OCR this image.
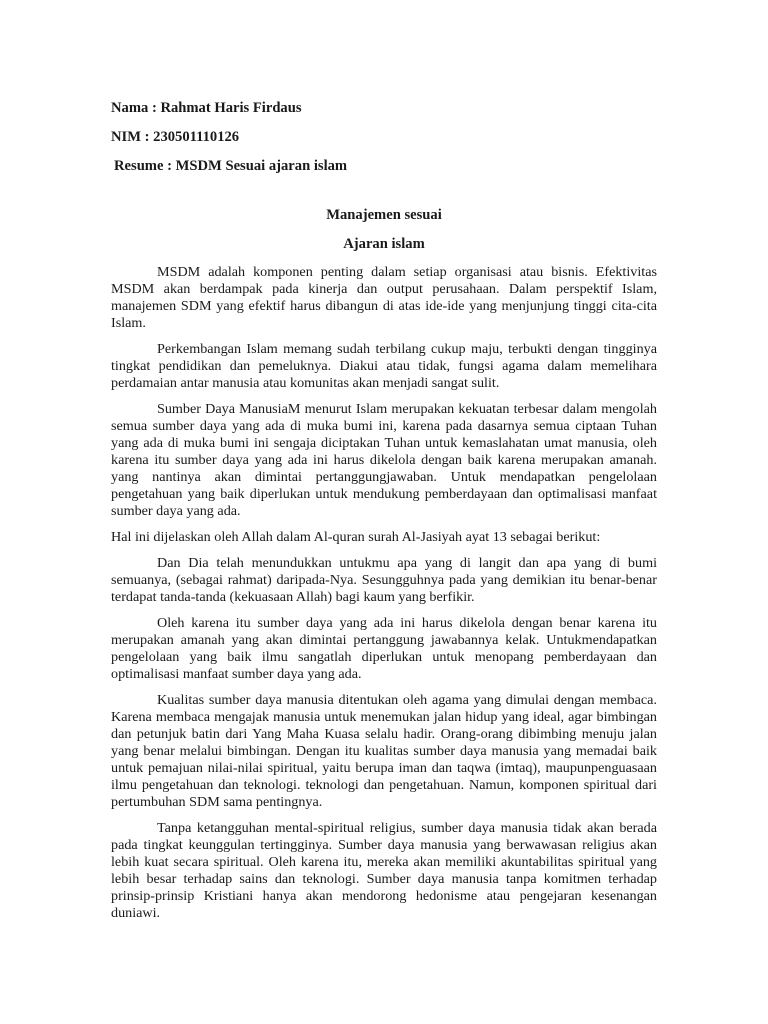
Nama : Rahmat Haris Firdaus

NIM : 230501110126

Resume : MSDM Sesuai ajaran islam

Manajemen sesuai

Ajaran islam

MSDM adalah komponen penting dalam setiap organisasi atau bisnis. Efektivitas MSDM akan berdampak pada kinerja dan output perusahaan. Dalam perspektif Islam, manajemen SDM yang efektif harus dibangun di atas ide-ide yang menjunjung tinggi cita-cita Islam.

Perkembangan Islam memang sudah terbilang cukup maju, terbukti dengan tingginya tingkat pendidikan dan pemeluknya. Diakui atau tidak, fungsi agama dalam memelihara perdamaian antar manusia atau komunitas akan menjadi sangat sulit.

Sumber Daya ManusiaM menurut Islam merupakan kekuatan terbesar dalam mengolah semua sumber daya yang ada di muka bumi ini, karena pada dasarnya semua ciptaan Tuhan yang ada di muka bumi ini sengaja diciptakan Tuhan untuk kemaslahatan umat manusia, oleh karena itu sumber daya yang ada ini harus dikelola dengan baik karena merupakan amanah. yang nantinya akan dimintai pertanggungjawaban. Untuk mendapatkan pengelolaan pengetahuan yang baik diperlukan untuk mendukung pemberdayaan dan optimalisasi manfaat sumber daya yang ada.

Hal ini dijelaskan oleh Allah dalam Al-quran surah Al-Jasiyah ayat 13 sebagai berikut:

Dan Dia telah menundukkan untukmu apa yang di langit dan apa yang di bumi semuanya, (sebagai rahmat) daripada-Nya. Sesungguhnya pada yang demikian itu benar-benar terdapat tanda-tanda (kekuasaan Allah) bagi kaum yang berfikir.

Oleh karena itu sumber daya yang ada ini harus dikelola dengan benar karena itu merupakan amanah yang akan dimintai pertanggung jawabannya kelak. Untukmendapatkan pengelolaan yang baik ilmu sangatlah diperlukan untuk menopang pemberdayaan dan optimalisasi manfaat sumber daya yang ada.

Kualitas sumber daya manusia ditentukan oleh agama yang dimulai dengan membaca. Karena membaca mengajak manusia untuk menemukan jalan hidup yang ideal, agar bimbingan dan petunjuk batin dari Yang Maha Kuasa selalu hadir. Orang-orang dibimbing menuju jalan yang benar melalui bimbingan. Dengan itu kualitas sumber daya manusia yang memadai baik untuk pemajuan nilai-nilai spiritual, yaitu berupa iman dan taqwa (imtaq), maupunpenguasaan ilmu pengetahuan dan teknologi. teknologi dan pengetahuan. Namun, komponen spiritual dari pertumbuhan SDM sama pentingnya.

Tanpa ketangguhan mental-spiritual religius, sumber daya manusia tidak akan berada pada tingkat keunggulan tertingginya. Sumber daya manusia yang berwawasan religius akan lebih kuat secara spiritual. Oleh karena itu, mereka akan memiliki akuntabilitas spiritual yang lebih besar terhadap sains dan teknologi. Sumber daya manusia tanpa komitmen terhadap prinsip-prinsip Kristiani hanya akan mendorong hedonisme atau pengejaran kesenangan duniawi.
